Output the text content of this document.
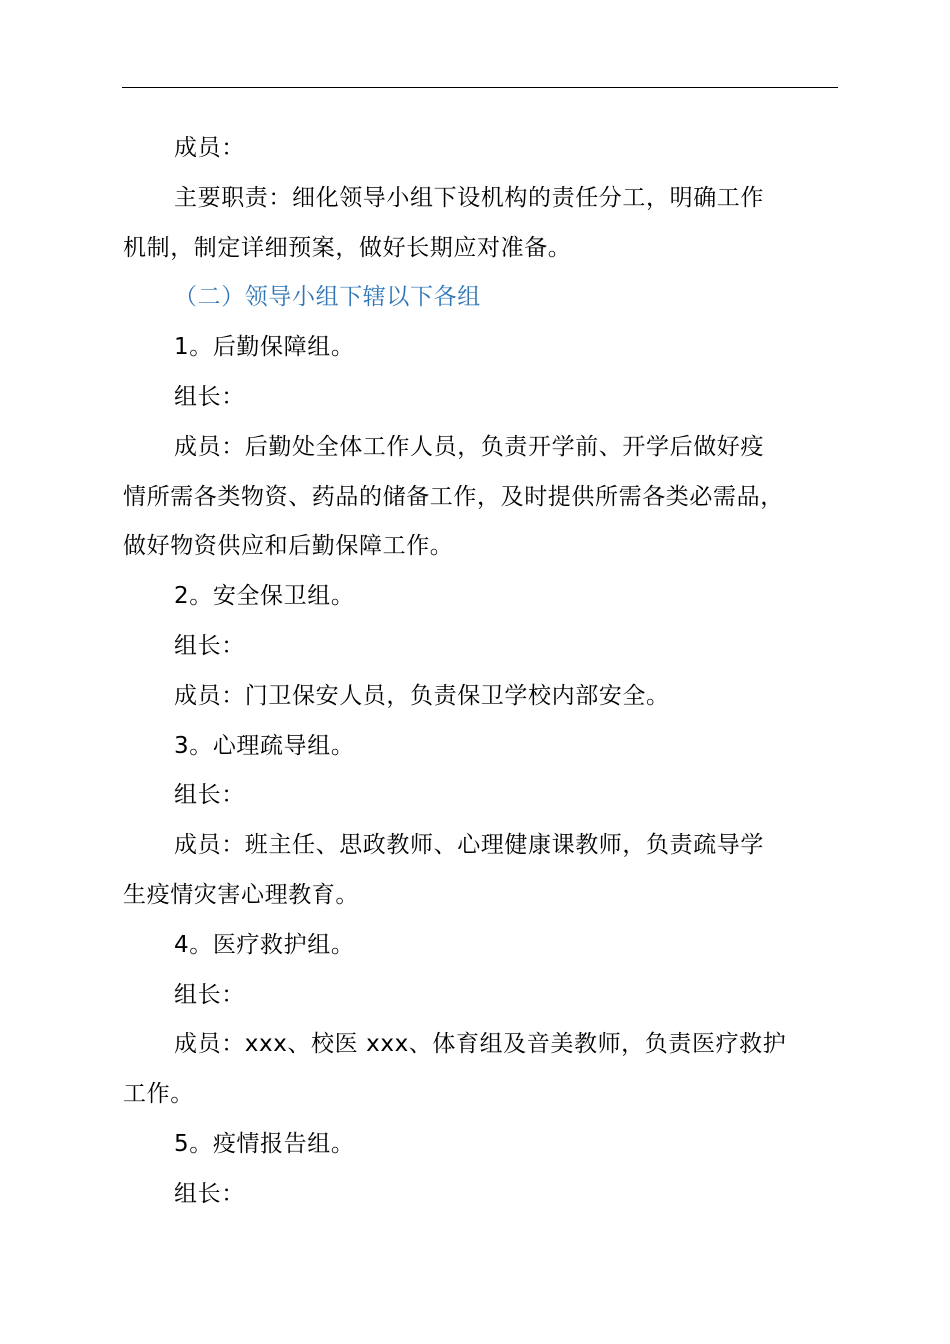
成员：

主要职责：细化领导小组下设机构的责任分工，明确工作

机制，制定详细预案，做好长期应对准备。

（二）领导小组下辖以下各组

1。后勤保障组。

组长：

成员：后勤处全体工作人员，负责开学前、开学后做好疫

情所需各类物资、药品的储备工作，及时提供所需各类必需品，

做好物资供应和后勤保障工作。

2。安全保卫组。

组长：

成员：门卫保安人员，负责保卫学校内部安全。

3。心理疏导组。

组长：

成员：班主任、思政教师、心理健康课教师，负责疏导学

生疫情灾害心理教育。

4。医疗救护组。

组长：

成员：xxx、校医 xxx、体育组及音美教师，负责医疗救护

工作。

5。疫情报告组。

组长：
